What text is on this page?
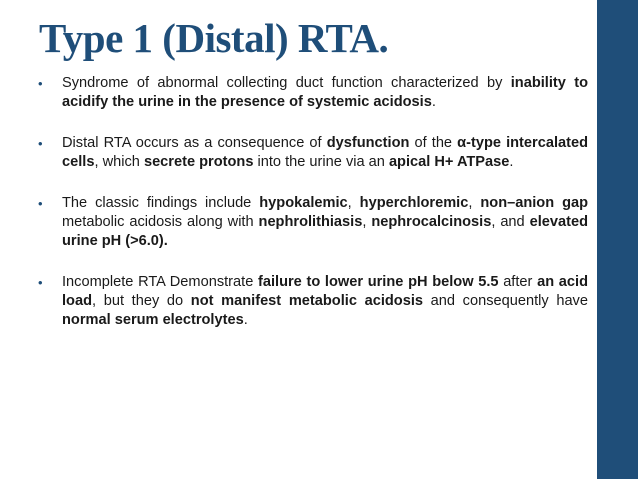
Type 1 (Distal) RTA.
• Syndrome of abnormal collecting duct function characterized by inability to acidify the urine in the presence of systemic acidosis.
• Distal RTA occurs as a consequence of dysfunction of the α-type intercalated cells, which secrete protons into the urine via an apical H+ ATPase.
• The classic findings include hypokalemic, hyperchloremic, non–anion gap metabolic acidosis along with nephrolithiasis, nephrocalcinosis, and elevated urine pH (>6.0).
• Incomplete RTA Demonstrate failure to lower urine pH below 5.5 after an acid load, but they do not manifest metabolic acidosis and consequently have normal serum electrolytes.
